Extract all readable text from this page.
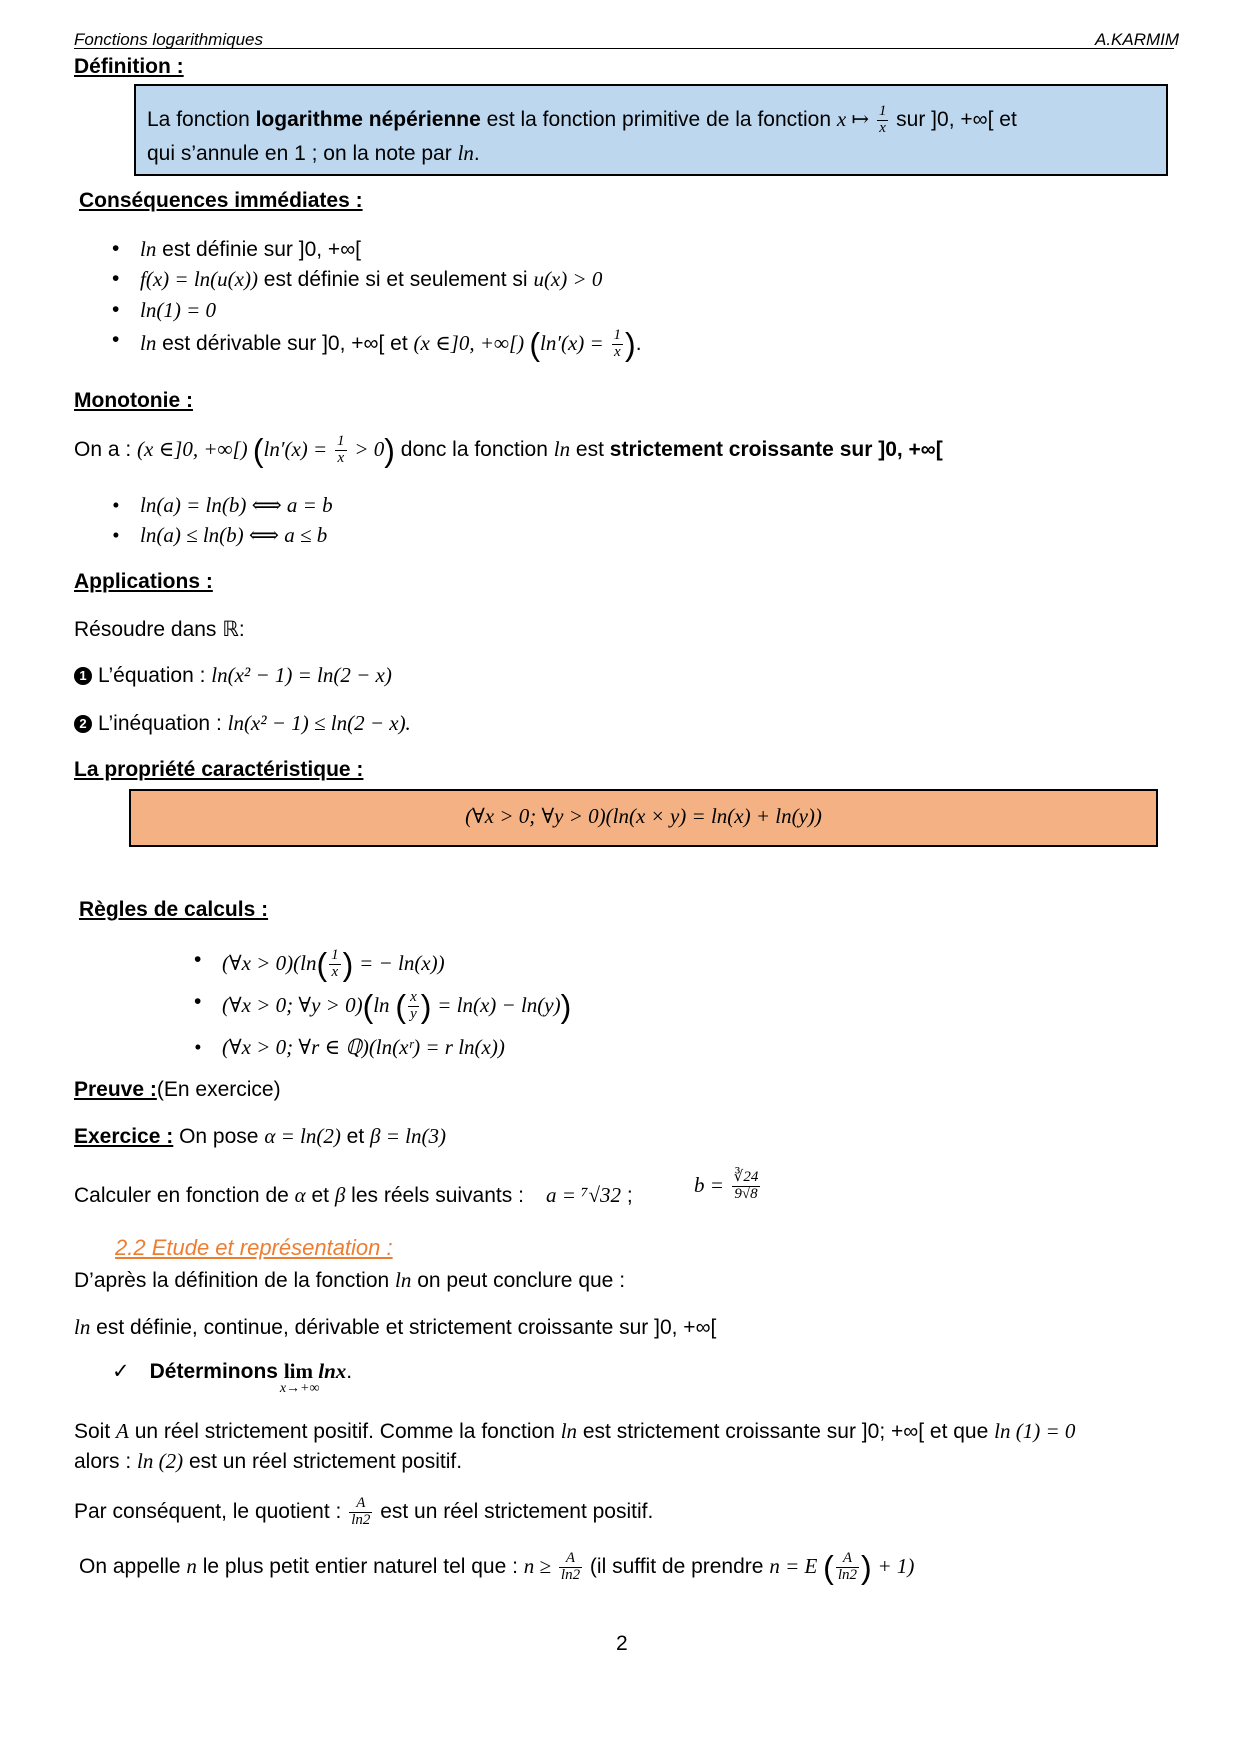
Fonctions logarithmiques	A.KARMIM
Définition :
La fonction logarithme népérienne est la fonction primitive de la fonction x ↦ $\frac{1}{x}$ sur ]0, +∞[ et
qui s’annule en 1 ; on la note par ln.
Conséquences immédiates :
• ln est définie sur ]0, +∞[
• f(x) = ln(u(x)) est définie si et seulement si u(x) > 0
• ln(1) = 0
• ln est dérivable sur ]0, +∞[ et (x ∈]0, +∞[) ($\ln'(x) = \frac{1}{x}$ ).
Monotonie :
On a : (x ∈]0, +∞[) $(\ln'(x) = \frac{1}{x} > 0)$ donc la fonction ln est strictement croissante sur ]0, +∞[
• ln(a) = ln(b) ⟺ a = b
• ln(a) ≤ ln(b) ⟺ a ≤ b
Applications :
Résoudre dans ℝ:
1 L’équation : ln(x² − 1) = ln(2 − x)
2 L’inéquation : ln(x² − 1) ≤ ln(2 − x).
La propriété caractéristique :
(∀x > 0; ∀y > 0)(ln(x × y) = ln(x) + ln(y))
Règles de calculs :
• (∀x > $0)(\ln( \frac{1}{x}$ ) = − ln(x))
• (∀x > 0; ∀y > 0)(ln ( $\frac{x}{y}$ ) = ln(x) − ln(y))
• (∀x > 0; ∀r ∈ ℚ)(ln(xʳ) = r ln(x))
Preuve :(En exercice)
Exercice : On pose α = ln(2) et β = ln(3)
Calculer en fonction de α et β les réels suivants : a = ⁷√32 ;	$b = \frac{∛24}{9√8}$
2.2 Etude et représentation :
D’après la définition de la fonction ln on peut conclure que :
ln est définie, continue, dérivable et strictement croissante sur ]0, +∞[
✓ Déterminons lim
x→+∞
lnx.
Soit A un réel strictement positif. Comme la fonction ln est strictement croissante sur ]0; +∞[ et que ln (1) = 0
alors : ln (2) est un réel strictement positif.
Par conséquent, le quotient : $\frac{A}{\ln 2}$ est un réel strictement positif.
On appelle n le plus petit entier naturel tel que : $n \ge \frac{A}{\ln 2} (il$ suffit de prendre n = E ( $\frac{A}{\ln 2}$ ) + 1)
2
